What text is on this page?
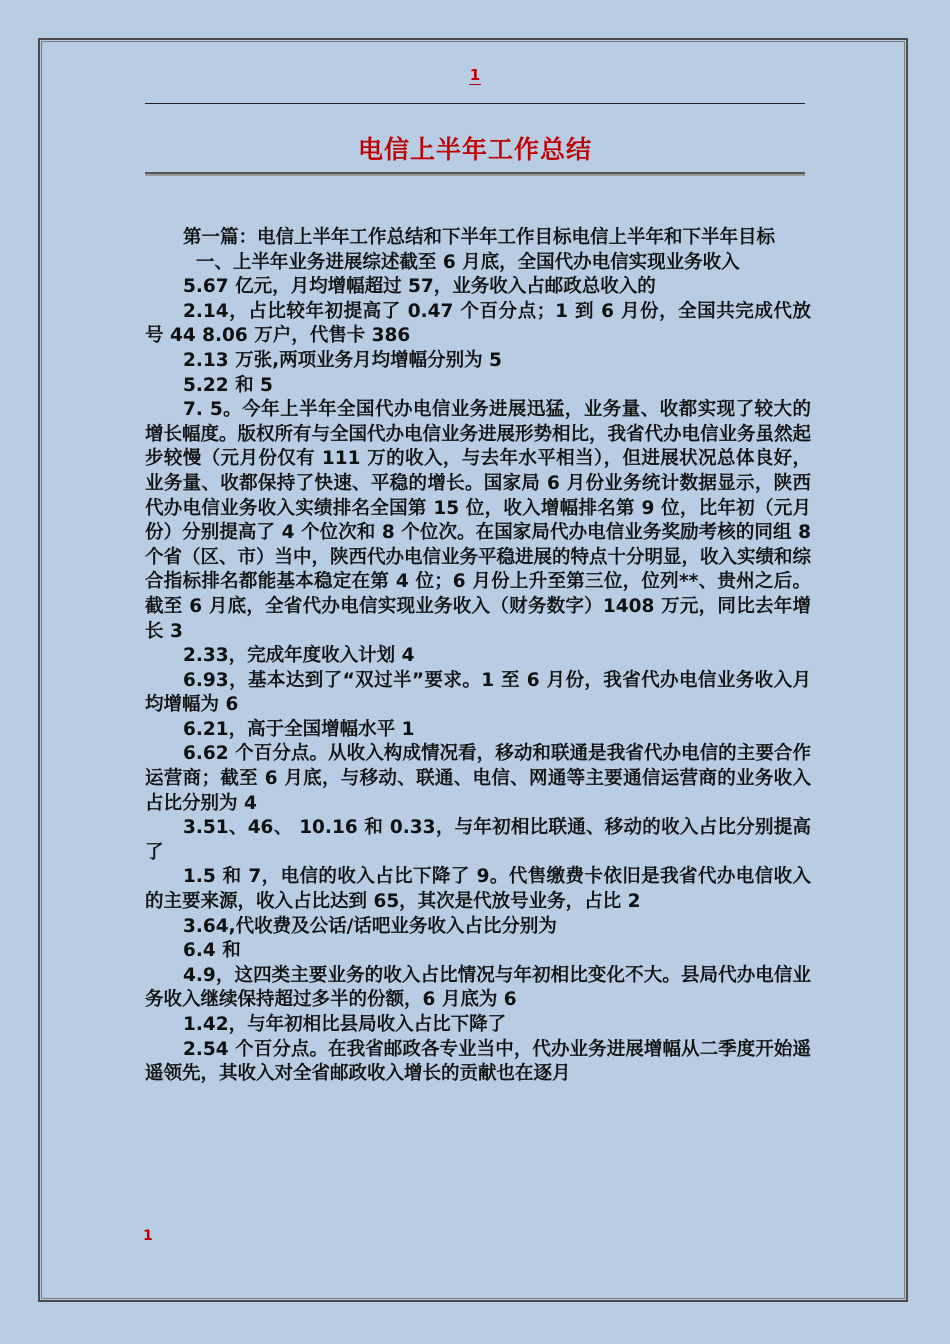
1
电信上半年工作总结

第一篇：电信上半年工作总结和下半年工作目标电信上半年和下半年目标

一、上半年业务进展综述截至 6 月底，全国代办电信实现业务收入

5.67 亿元，月均增幅超过 57，业务收入占邮政总收入的

2.14，占比较年初提高了 0.47 个百分点；1 到 6 月份，全国共完成代放号 44 8.06 万户，代售卡 386

2.13 万张,两项业务月均增幅分别为 5

5.22 和 5

7. 5。今年上半年全国代办电信业务进展迅猛，业务量、收都实现了较大的增长幅度。版权所有与全国代办电信业务进展形势相比，我省代办电信业务虽然起步较慢（元月份仅有 111 万的收入，与去年水平相当），但进展状况总体良好，业务量、收都保持了快速、平稳的增长。国家局 6 月份业务统计数据显示，陕西代办电信业务收入实绩排名全国第 15 位，收入增幅排名第 9 位，比年初（元月份）分别提高了 4 个位次和 8 个位次。在国家局代办电信业务奖励考核的同组 8 个省（区、市）当中，陕西代办电信业务平稳进展的特点十分明显，收入实绩和综合指标排名都能基本稳定在第 4 位；6 月份上升至第三位，位列**、贵州之后。截至 6 月底，全省代办电信实现业务收入（财务数字）1408 万元，同比去年增长 3

2.33，完成年度收入计划 4

6.93，基本达到了“双过半”要求。1 至 6 月份，我省代办电信业务收入月均增幅为 6

6.21，高于全国增幅水平 1

6.62 个百分点。从收入构成情况看，移动和联通是我省代办电信的主要合作运营商；截至 6 月底，与移动、联通、电信、网通等主要通信运营商的业务收入占比分别为 4

3.51、46、 10.16 和 0.33，与年初相比联通、移动的收入占比分别提高了

1.5 和 7，电信的收入占比下降了 9。代售缴费卡依旧是我省代办电信收入的主要来源，收入占比达到 65，其次是代放号业务，占比 2

3.64,代收费及公话/话吧业务收入占比分别为

6.4 和

4.9，这四类主要业务的收入占比情况与年初相比变化不大。县局代办电信业务收入继续保持超过多半的份额，6 月底为 6

1.42，与年初相比县局收入占比下降了

2.54 个百分点。在我省邮政各专业当中，代办业务进展增幅从二季度开始遥遥领先，其收入对全省邮政收入增长的贡献也在逐月

1
